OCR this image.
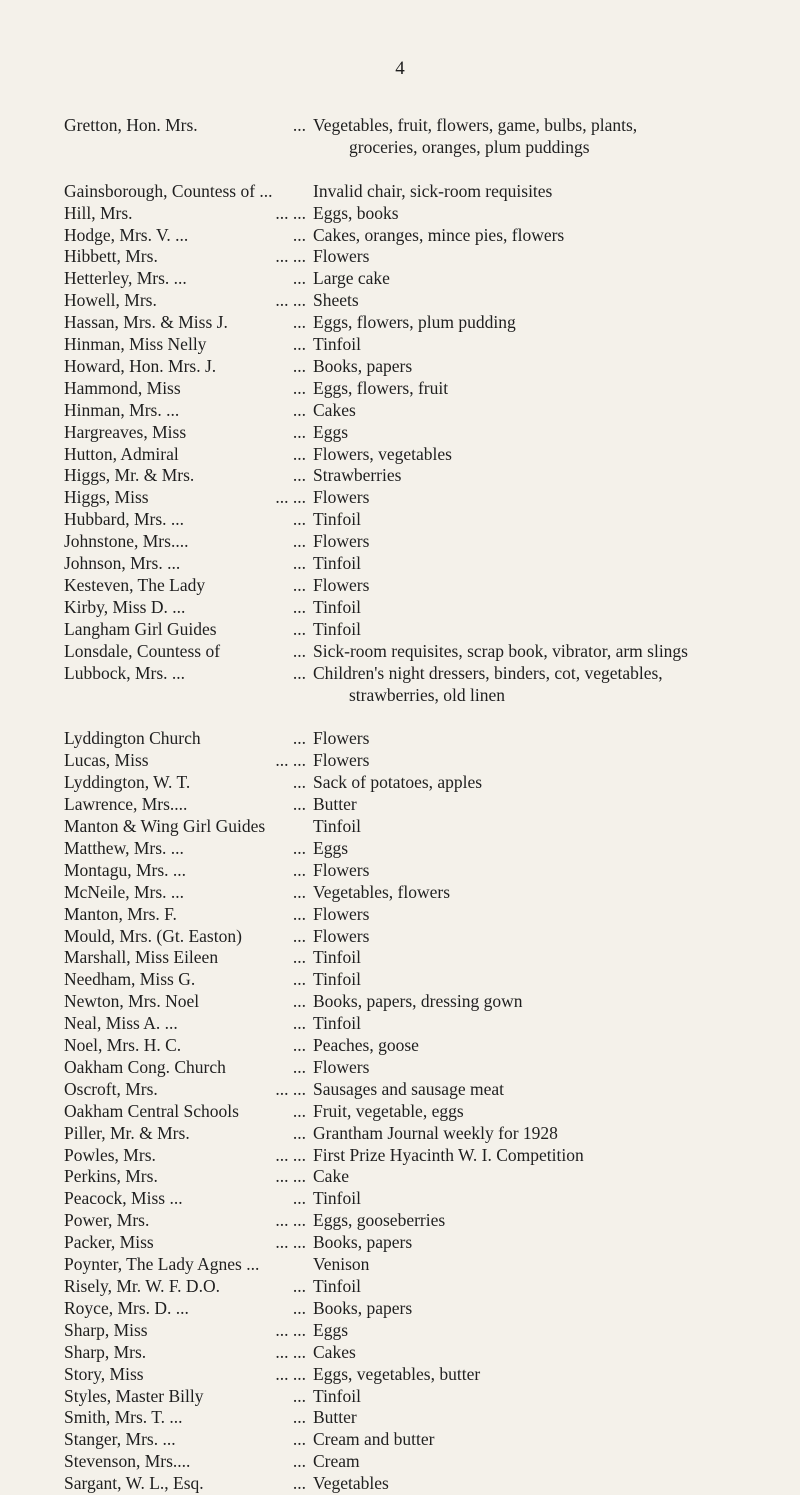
4
Gretton, Hon. Mrs.	... Vegetables, fruit, flowers, game, bulbs, plants,
groceries, oranges, plum puddings
Gainsborough, Countess of ... Invalid chair, sick-room requisites
Hill, Mrs.	... ... Eggs, books
Hodge, Mrs. V. ...	... Cakes, oranges, mince pies, flowers
Hibbett, Mrs.	... ... Flowers
Hetterley, Mrs. ...	... Large cake
Howell, Mrs.	... ... Sheets
Hassan, Mrs. & Miss J.	... Eggs, flowers, plum pudding
Hinman, Miss Nelly	... Tinfoil
Howard, Hon. Mrs. J.	... Books, papers
Hammond, Miss	... Eggs, flowers, fruit
Hinman, Mrs. ...	... Cakes
Hargreaves, Miss	... Eggs
Hutton, Admiral	... Flowers, vegetables
Higgs, Mr. & Mrs.	... Strawberries
Higgs, Miss	... ... Flowers
Hubbard, Mrs. ...	... Tinfoil
Johnstone, Mrs....	... Flowers
Johnson, Mrs. ...	... Tinfoil
Kesteven, The Lady	... Flowers
Kirby, Miss D. ...	... Tinfoil
Langham Girl Guides	... Tinfoil
Lonsdale, Countess of	... Sick-room requisites, scrap book, vibrator, arm slings
Lubbock, Mrs. ...	... Children's night dressers, binders, cot, vegetables,
strawberries, old linen
Lyddington Church	... Flowers
Lucas, Miss	... ... Flowers
Lyddington, W. T.	... Sack of potatoes, apples
Lawrence, Mrs....	... Butter
Manton & Wing Girl Guides	Tinfoil
Matthew, Mrs. ...	... Eggs
Montagu, Mrs. ...	... Flowers
McNeile, Mrs. ...	... Vegetables, flowers
Manton, Mrs. F.	... Flowers
Mould, Mrs. (Gt. Easton)	... Flowers
Marshall, Miss Eileen	... Tinfoil
Needham, Miss G.	... Tinfoil
Newton, Mrs. Noel	... Books, papers, dressing gown
Neal, Miss A. ...	... Tinfoil
Noel, Mrs. H. C.	... Peaches, goose
Oakham Cong. Church	... Flowers
Oscroft, Mrs.	... ... Sausages and sausage meat
Oakham Central Schools	... Fruit, vegetable, eggs
Piller, Mr. & Mrs.	... Grantham Journal weekly for 1928
Powles, Mrs.	... ... First Prize Hyacinth W. I. Competition
Perkins, Mrs.	... ... Cake
Peacock, Miss ...	... Tinfoil
Power, Mrs.	... ... Eggs, gooseberries
Packer, Miss	... ... Books, papers
Poynter, The Lady Agnes ...	Venison
Risely, Mr. W. F. D.O.	... Tinfoil
Royce, Mrs. D. ...	... Books, papers
Sharp, Miss	... ... Eggs
Sharp, Mrs.	... ... Cakes
Story, Miss	... ... Eggs, vegetables, butter
Styles, Master Billy	... Tinfoil
Smith, Mrs. T. ...	... Butter
Stanger, Mrs. ...	... Cream and butter
Stevenson, Mrs....	... Cream
Sargant, W. L., Esq.	... Vegetables
